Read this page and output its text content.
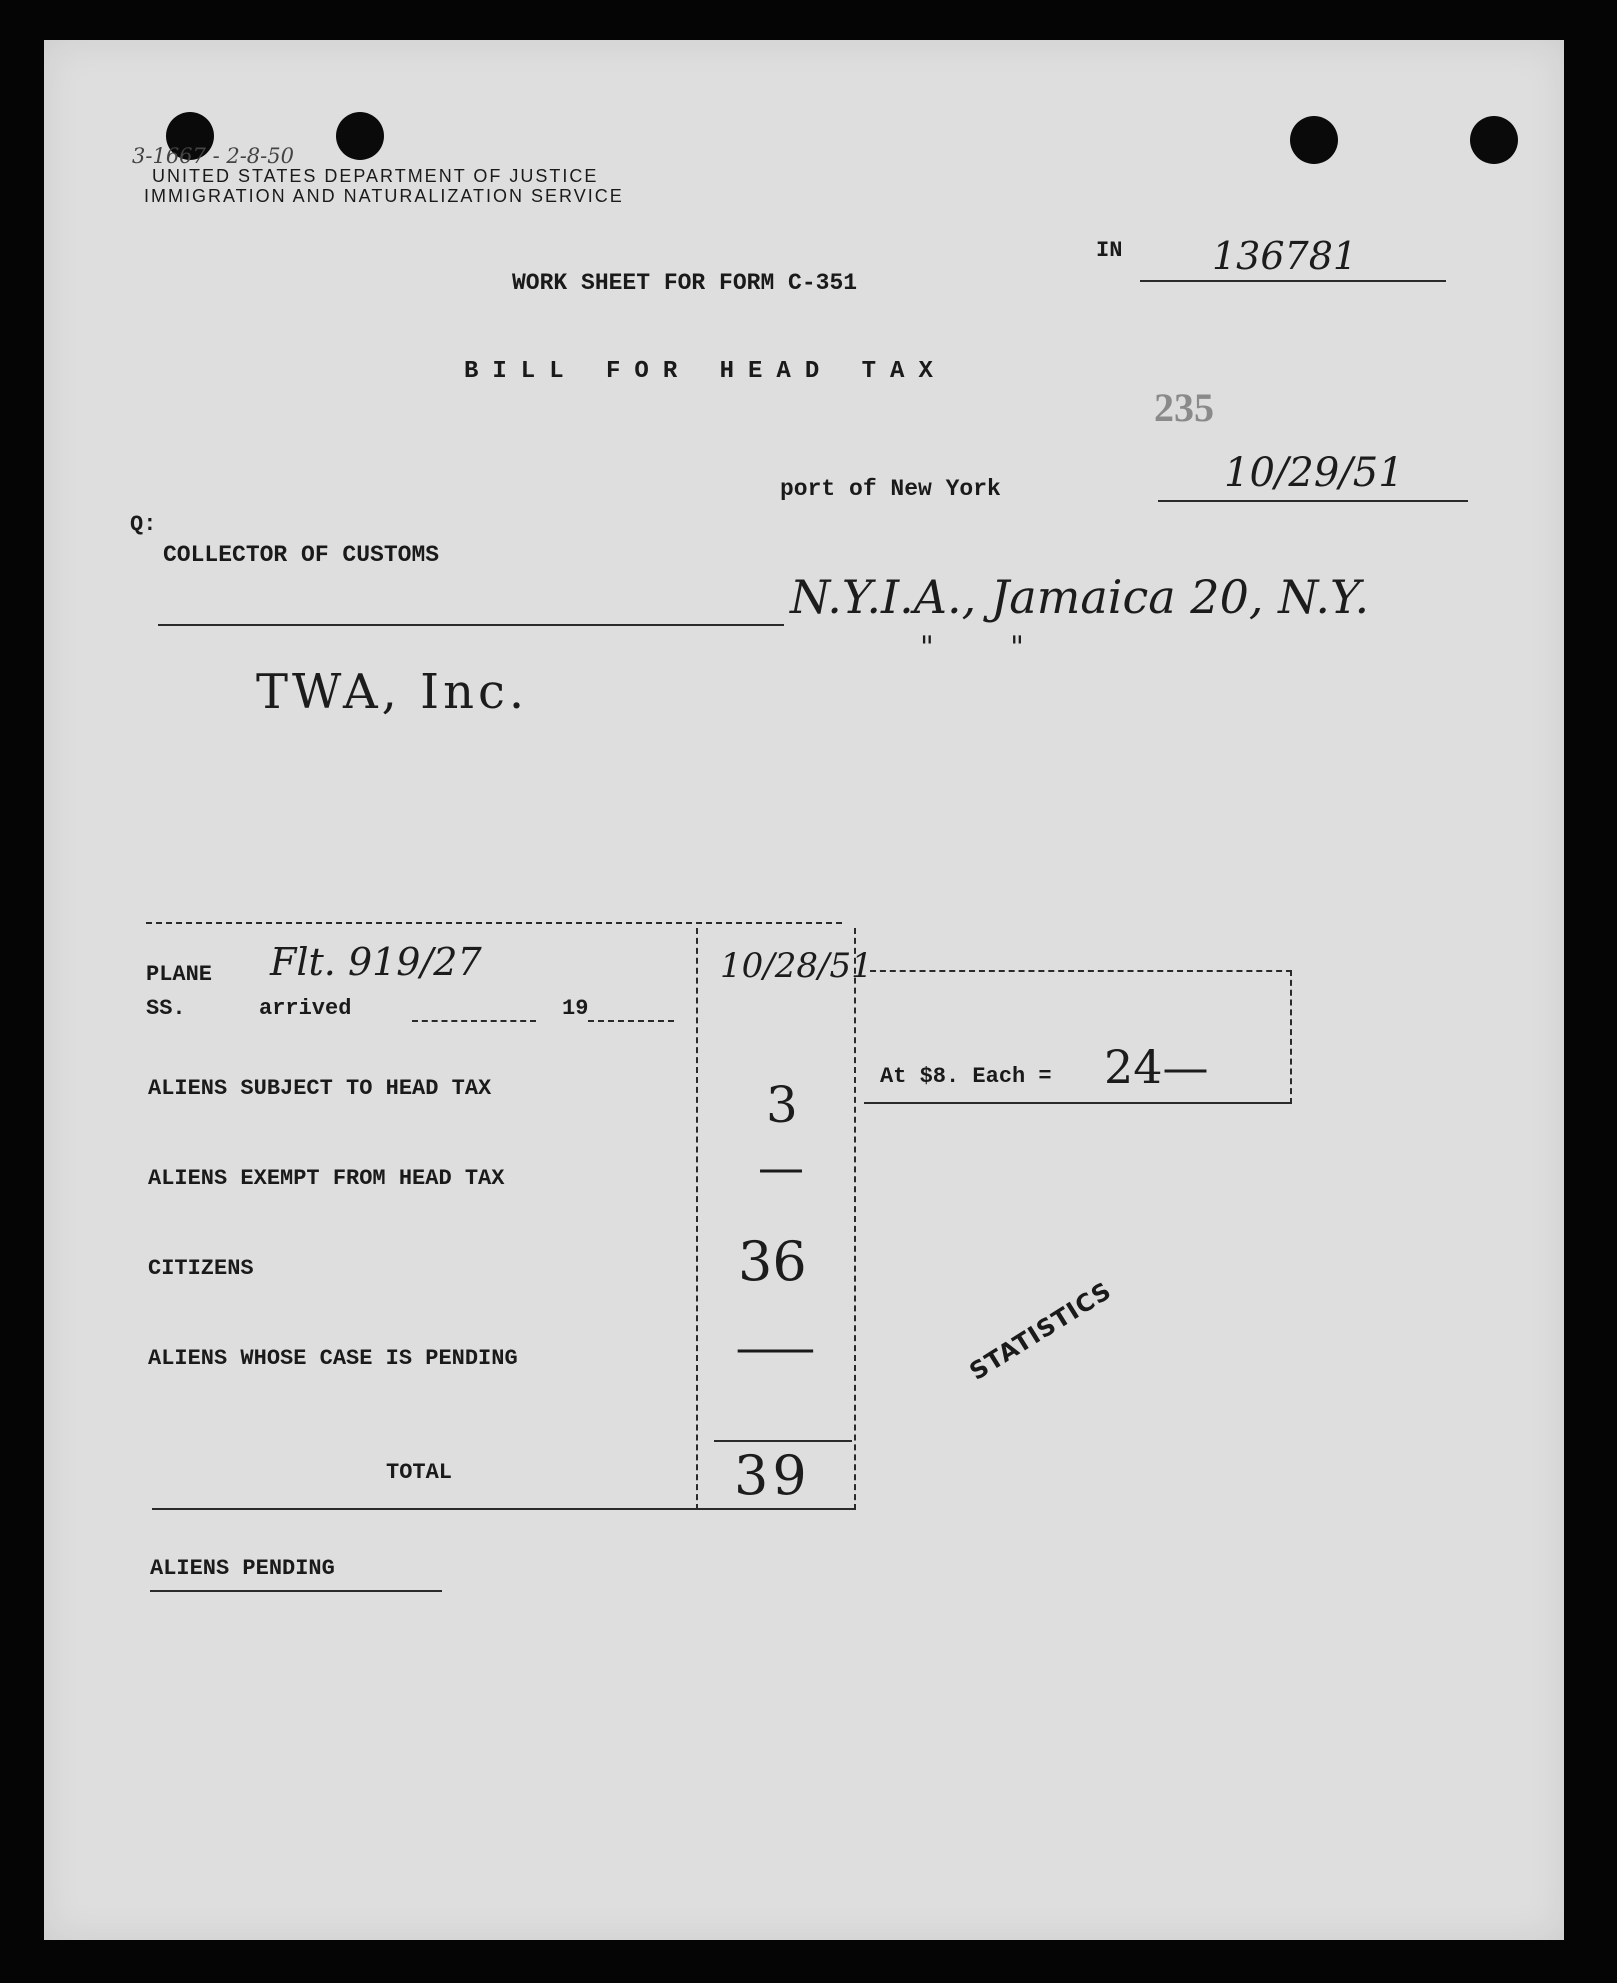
3-1667 - 2-8-50
UNITED STATES DEPARTMENT OF JUSTICE
IMMIGRATION AND NATURALIZATION SERVICE
IN 136781
WORK SHEET FOR FORM C-351
BILL FOR HEAD TAX
235
port of New York	10/29/51
Q:
COLLECTOR OF CUSTOMS
N.Y.I.A., Jamaica 20, N.Y.
"        "
TWA, Inc.
PLANE
SS.
Flt. 919/27
arrived	19
10/28/51
ALIENS SUBJECT TO HEAD TAX	3
ALIENS EXEMPT FROM HEAD TAX	—
CITIZENS	36
ALIENS WHOSE CASE IS PENDING	—
TOTAL	39
At $8. Each = 24—
STATISTICS
ALIENS PENDING
